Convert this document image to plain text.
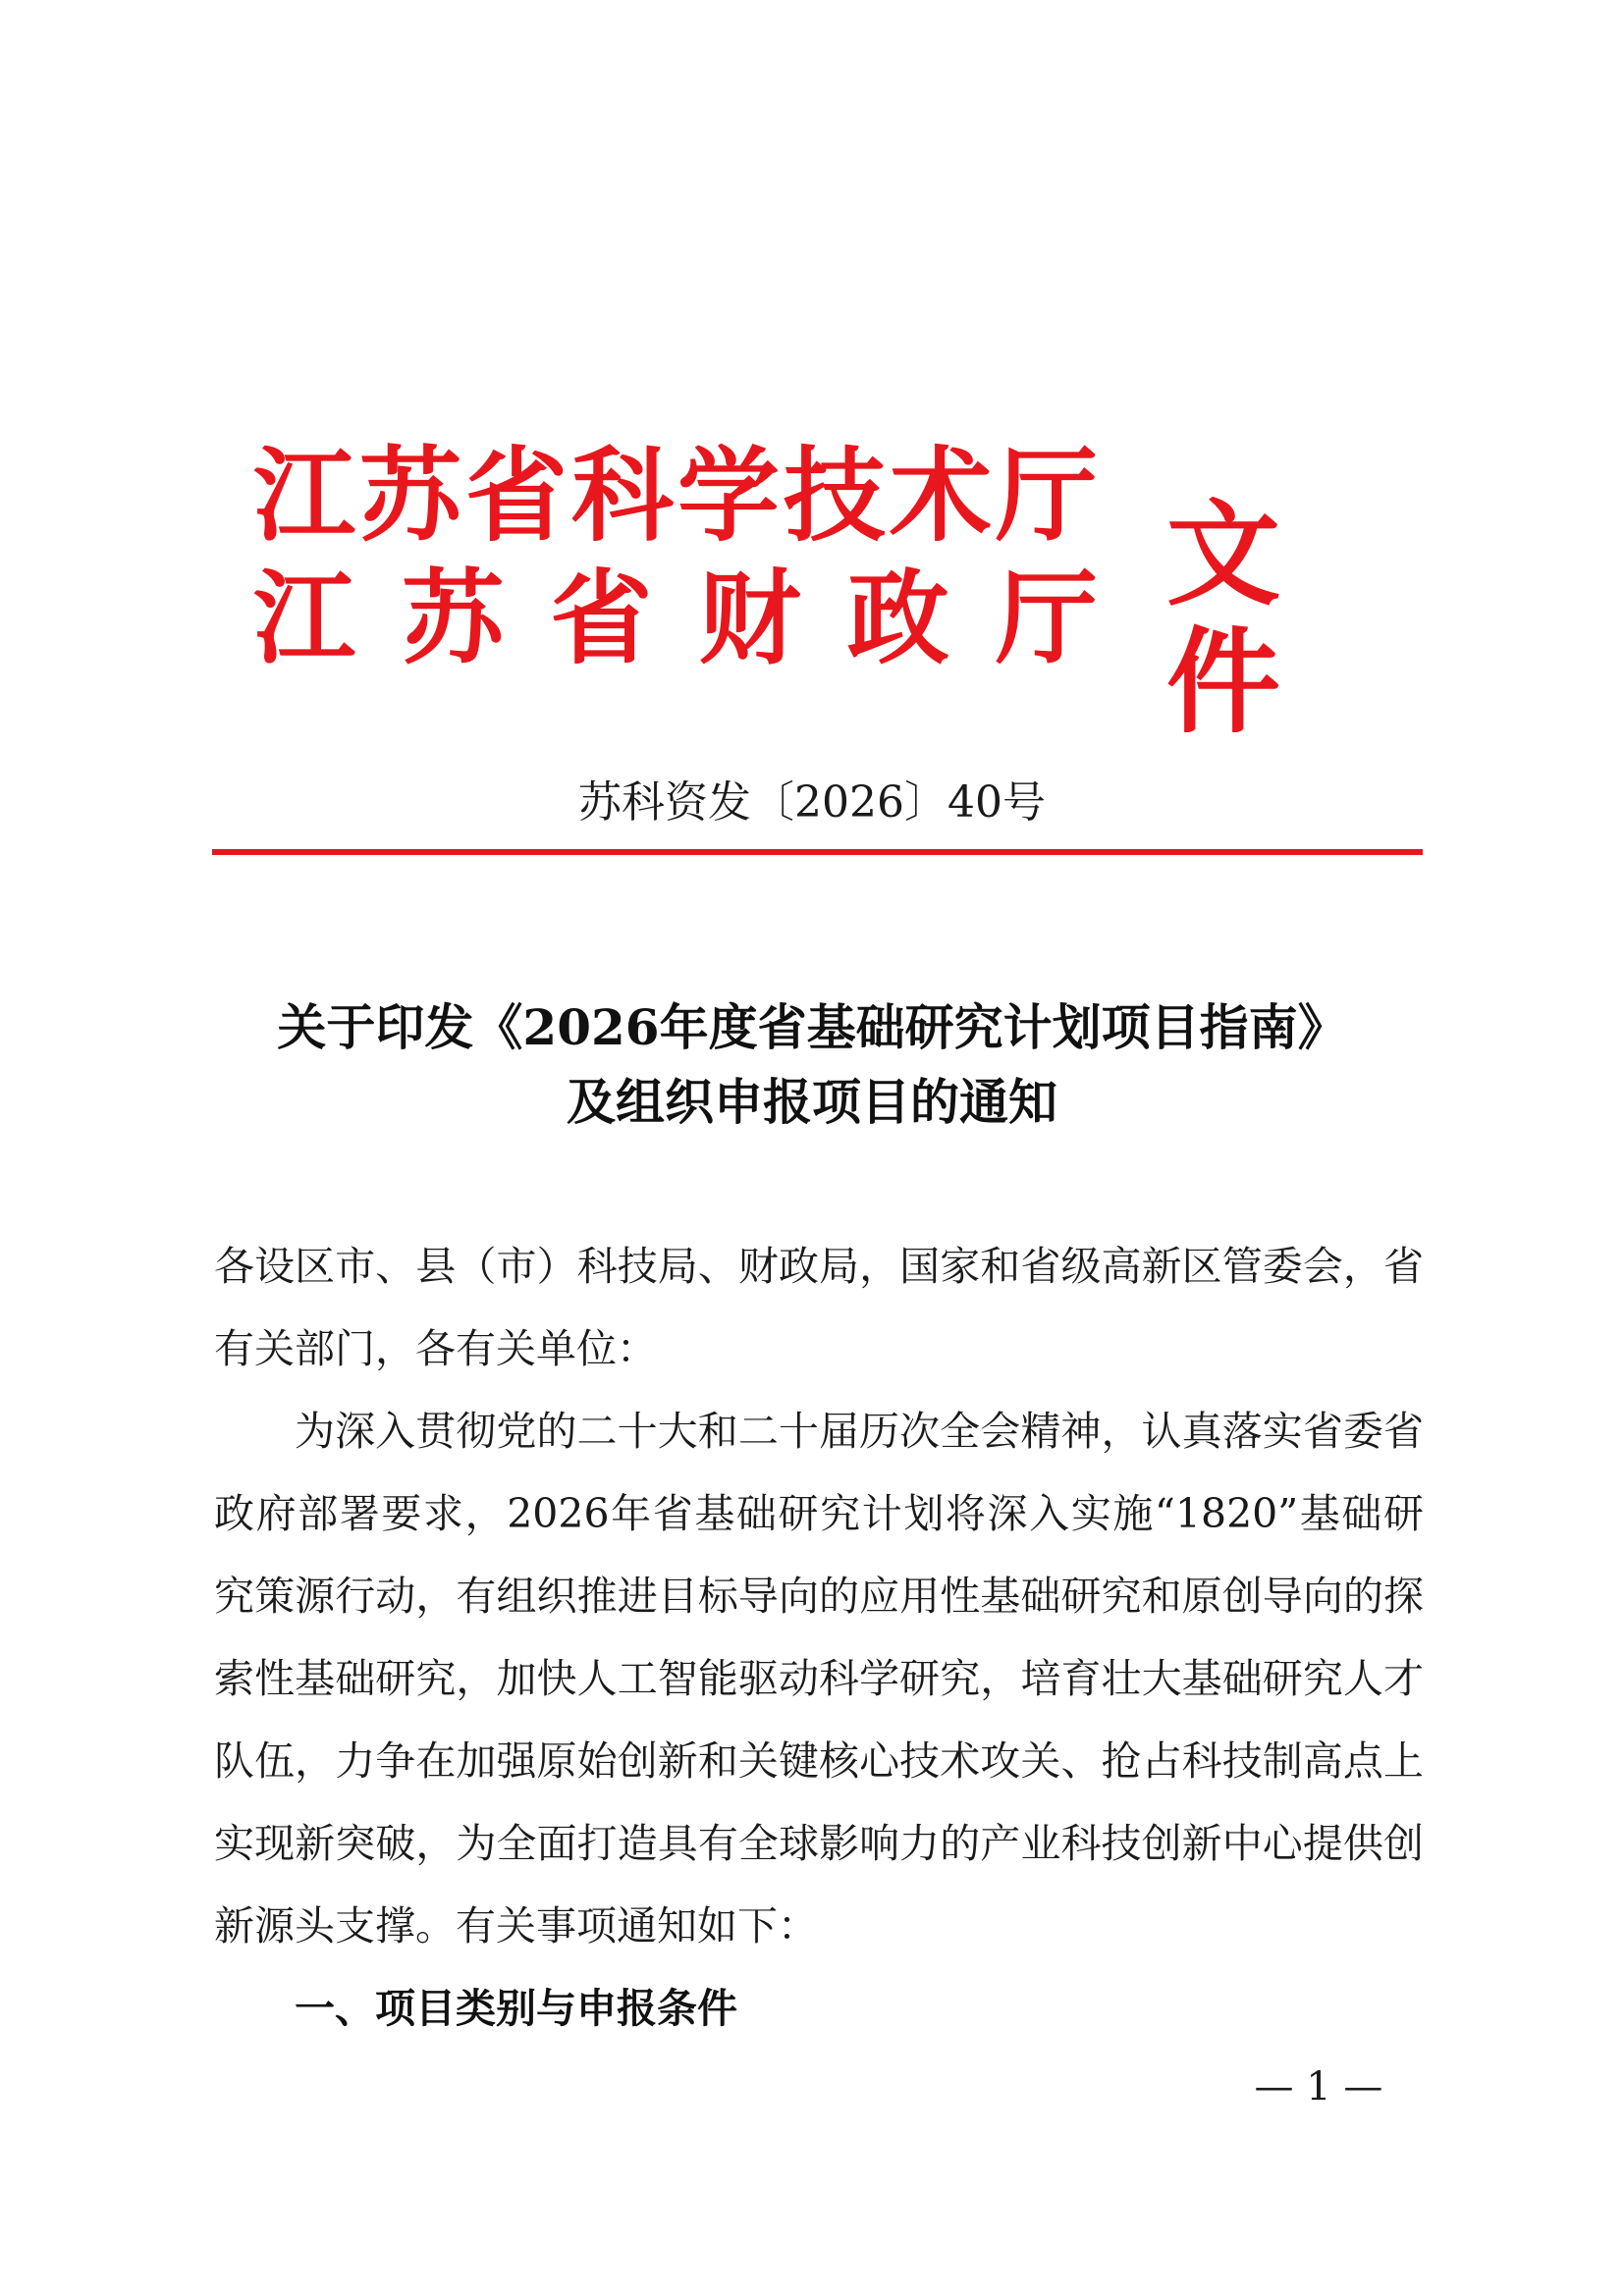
江 苏 省 科 学 技 术 厅
江 苏 省 财 政 厅 文件
苏科资发〔2026〕40号
关于印发《2026年度省基础研究计划项目指南》
及组织申报项目的通知

各设区市、县（市）科技局、财政局，国家和省级高新区管委会，省有关部门，各有关单位：

为深入贯彻党的二十大和二十届历次全会精神，认真落实省委省政府部署要求，2026年省基础研究计划将深入实施“1820”基础研究策源行动，有组织推进目标导向的应用性基础研究和原创导向的探索性基础研究，加快人工智能驱动科学研究，培育壮大基础研究人才队伍，力争在加强原始创新和关键核心技术攻关、抢占科技制高点上实现新突破，为全面打造具有全球影响力的产业科技创新中心提供创新源头支撑。有关事项通知如下：

一、项目类别与申报条件
— 1 —
